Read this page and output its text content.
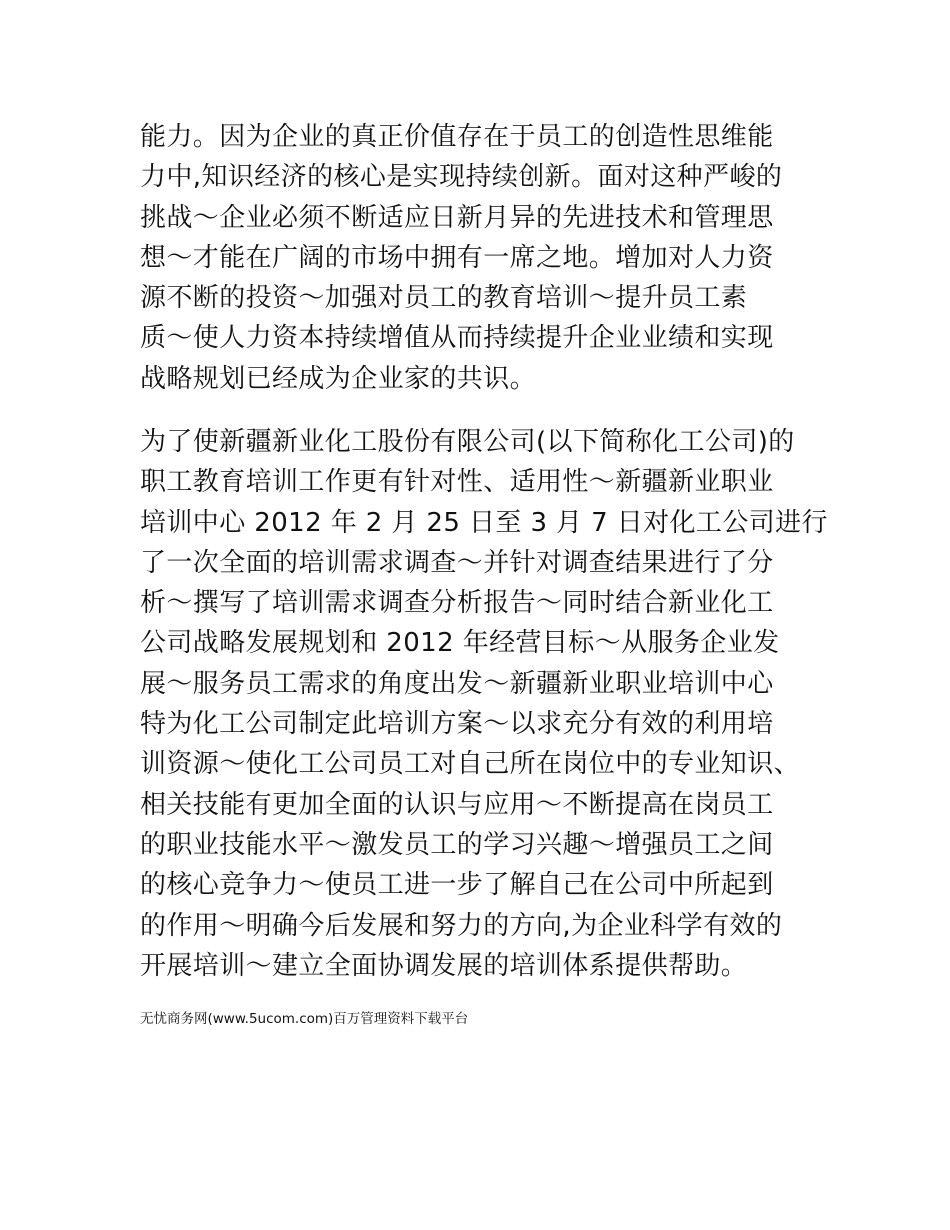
能力。因为企业的真正价值存在于员工的创造性思维能
力中,知识经济的核心是实现持续创新。面对这种严峻的
挑战～企业必须不断适应日新月异的先进技术和管理思
想～才能在广阔的市场中拥有一席之地。增加对人力资
源不断的投资～加强对员工的教育培训～提升员工素
质～使人力资本持续增值从而持续提升企业业绩和实现
战略规划已经成为企业家的共识。
为了使新疆新业化工股份有限公司(以下简称化工公司)的
职工教育培训工作更有针对性、适用性～新疆新业职业
培训中心 2012 年 2 月 25 日至 3 月 7 日对化工公司进行
了一次全面的培训需求调查～并针对调查结果进行了分
析～撰写了培训需求调查分析报告～同时结合新业化工
公司战略发展规划和 2012 年经营目标～从服务企业发
展～服务员工需求的角度出发～新疆新业职业培训中心
特为化工公司制定此培训方案～以求充分有效的利用培
训资源～使化工公司员工对自己所在岗位中的专业知识、
相关技能有更加全面的认识与应用～不断提高在岗员工
的职业技能水平～激发员工的学习兴趣～增强员工之间
的核心竞争力～使员工进一步了解自己在公司中所起到
的作用～明确今后发展和努力的方向,为企业科学有效的
开展培训～建立全面协调发展的培训体系提供帮助。
无忧商务网(www.5ucom.com)百万管理资料下载平台
